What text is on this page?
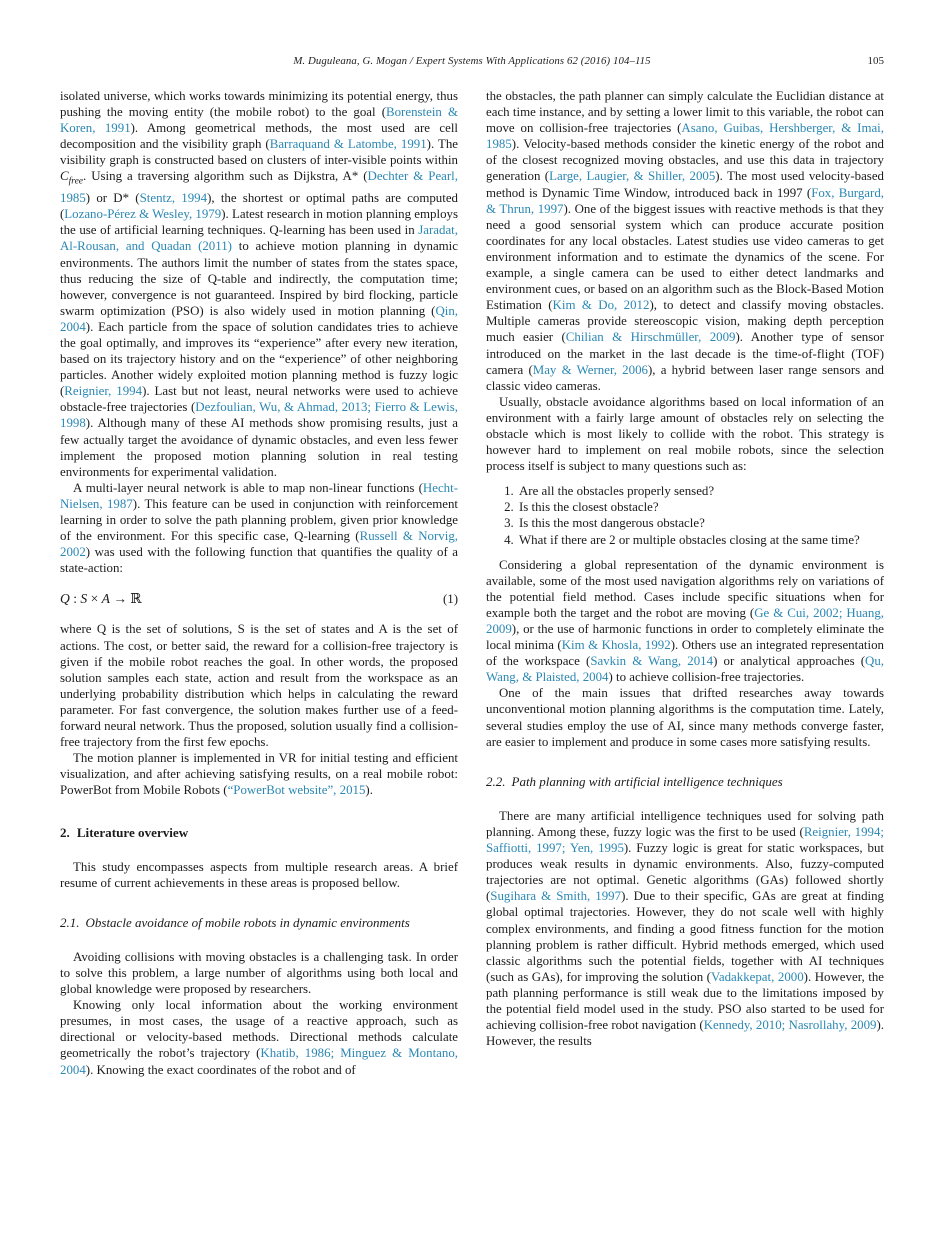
M. Duguleana, G. Mogan / Expert Systems With Applications 62 (2016) 104–115	105

isolated universe, which works towards minimizing its potential energy, thus pushing the moving entity (the mobile robot) to the goal (Borenstein & Koren, 1991). Among geometrical methods, the most used are cell decomposition and the visibility graph (Barraquand & Latombe, 1991). The visibility graph is constructed based on clusters of inter-visible points within $C_{free}$. Using a traversing algorithm such as Dijkstra, A* (Dechter & Pearl, 1985) or D* (Stentz, 1994), the shortest or optimal paths are computed (Lozano-Pérez & Wesley, 1979). Latest research in motion planning employs the use of artificial learning techniques. Q-learning has been used in Jaradat, Al-Rousan, and Quadan (2011) to achieve motion planning in dynamic environments. The authors limit the number of states from the states space, thus reducing the size of Q-table and indirectly, the computation time; however, convergence is not guaranteed. Inspired by bird flocking, particle swarm optimization (PSO) is also widely used in motion planning (Qin, 2004). Each particle from the space of solution candidates tries to achieve the goal optimally, and improves its “experience” after every new iteration, based on its trajectory history and on the “experience” of other neighboring particles. Another widely exploited motion planning method is fuzzy logic (Reignier, 1994). Last but not least, neural networks were used to achieve obstacle-free trajectories (Dezfoulian, Wu, & Ahmad, 2013; Fierro & Lewis, 1998). Although many of these AI methods show promising results, just a few actually target the avoidance of dynamic obstacles, and even less fewer implement the proposed motion planning solution in real testing environments for experimental validation.

A multi-layer neural network is able to map non-linear functions (Hecht-Nielsen, 1987). This feature can be used in conjunction with reinforcement learning in order to solve the path planning problem, given prior knowledge of the environment. For this specific case, Q-learning (Russell & Norvig, 2002) was used with the following function that quantifies the quality of a state-action:

Q : S × A → ℝ	(1)

where Q is the set of solutions, S is the set of states and A is the set of actions. The cost, or better said, the reward for a collision-free trajectory is given if the mobile robot reaches the goal. In other words, the proposed solution samples each state, action and result from the workspace as an underlying probability distribution which helps in calculating the reward parameter. For fast convergence, the solution makes further use of a feed-forward neural network. Thus the proposed, solution usually find a collision-free trajectory from the first few epochs.

The motion planner is implemented in VR for initial testing and efficient visualization, and after achieving satisfying results, on a real mobile robot: PowerBot from Mobile Robots (“PowerBot website”, 2015).

2. Literature overview

This study encompasses aspects from multiple research areas. A brief resume of current achievements in these areas is proposed bellow.

2.1. Obstacle avoidance of mobile robots in dynamic environments

Avoiding collisions with moving obstacles is a challenging task. In order to solve this problem, a large number of algorithms using both local and global knowledge were proposed by researchers.

Knowing only local information about the working environment presumes, in most cases, the usage of a reactive approach, such as directional or velocity-based methods. Directional methods calculate geometrically the robot’s trajectory (Khatib, 1986; Minguez & Montano, 2004). Knowing the exact coordinates of the robot and of

the obstacles, the path planner can simply calculate the Euclidian distance at each time instance, and by setting a lower limit to this variable, the robot can move on collision-free trajectories (Asano, Guibas, Hershberger, & Imai, 1985). Velocity-based methods consider the kinetic energy of the robot and of the closest recognized moving obstacles, and use this data in trajectory generation (Large, Laugier, & Shiller, 2005). The most used velocity-based method is Dynamic Time Window, introduced back in 1997 (Fox, Burgard, & Thrun, 1997). One of the biggest issues with reactive methods is that they need a good sensorial system which can produce accurate position coordinates for any local obstacles. Latest studies use video cameras to get environment information and to estimate the dynamics of the scene. For example, a single camera can be used to either detect landmarks and environment cues, or based on an algorithm such as the Block-Based Motion Estimation (Kim & Do, 2012), to detect and classify moving obstacles. Multiple cameras provide stereoscopic vision, making depth perception much easier (Chilian & Hirschmüller, 2009). Another type of sensor introduced on the market in the last decade is the time-of-flight (TOF) camera (May & Werner, 2006), a hybrid between laser range sensors and classic video cameras.

Usually, obstacle avoidance algorithms based on local information of an environment with a fairly large amount of obstacles rely on selecting the obstacle which is most likely to collide with the robot. This strategy is however hard to implement on real mobile robots, since the selection process itself is subject to many questions such as:

1. Are all the obstacles properly sensed?
2. Is this the closest obstacle?
3. Is this the most dangerous obstacle?
4. What if there are 2 or multiple obstacles closing at the same time?

Considering a global representation of the dynamic environment is available, some of the most used navigation algorithms rely on variations of the potential field method. Cases include specific situations when for example both the target and the robot are moving (Ge & Cui, 2002; Huang, 2009), or the use of harmonic functions in order to completely eliminate the local minima (Kim & Khosla, 1992). Others use an integrated representation of the workspace (Savkin & Wang, 2014) or analytical approaches (Qu, Wang, & Plaisted, 2004) to achieve collision-free trajectories.

One of the main issues that drifted researches away towards unconventional motion planning algorithms is the computation time. Lately, several studies employ the use of AI, since many methods converge faster, are easier to implement and produce in some cases more satisfying results.

2.2. Path planning with artificial intelligence techniques

There are many artificial intelligence techniques used for solving path planning. Among these, fuzzy logic was the first to be used (Reignier, 1994; Saffiotti, 1997; Yen, 1995). Fuzzy logic is great for static workspaces, but produces weak results in dynamic environments. Also, fuzzy-computed trajectories are not optimal. Genetic algorithms (GAs) followed shortly (Sugihara & Smith, 1997). Due to their specific, GAs are great at finding global optimal trajectories. However, they do not scale well with highly complex environments, and finding a good fitness function for the motion planning problem is rather difficult. Hybrid methods emerged, which used classic algorithms such the potential fields, together with AI techniques (such as GAs), for improving the solution (Vadakkepat, 2000). However, the path planning performance is still weak due to the limitations imposed by the potential field model used in the study. PSO also started to be used for achieving collision-free robot navigation (Kennedy, 2010; Nasrollahy, 2009). However, the results
